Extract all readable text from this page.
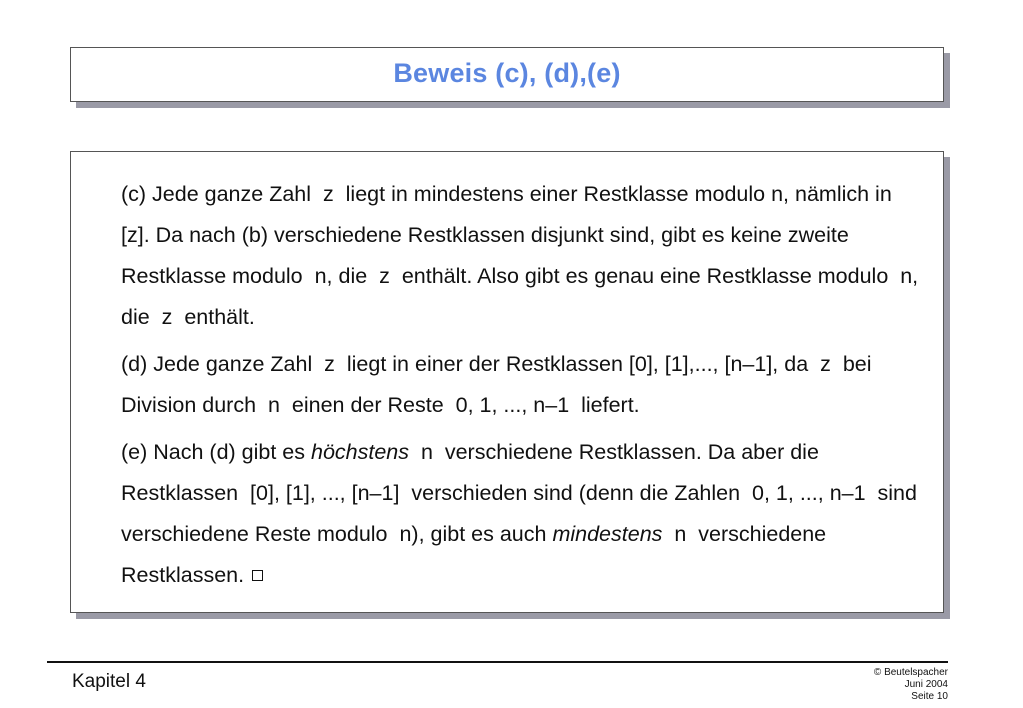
Beweis (c), (d),(e)

(c) Jede ganze Zahl  z  liegt in mindestens einer Restklasse modulo n, nämlich in  [z]. Da nach (b) verschiedene Restklassen disjunkt sind, gibt es keine zweite Restklasse modulo  n, die  z  enthält. Also gibt es genau eine Restklasse modulo  n, die  z  enthält.

(d) Jede ganze Zahl  z  liegt in einer der Restklassen [0], [1],..., [n–1], da  z  bei Division durch  n  einen der Reste  0, 1, ..., n–1  liefert.

(e) Nach (d) gibt es höchstens  n  verschiedene Restklassen. Da aber die Restklassen  [0], [1], ..., [n–1]  verschieden sind (denn die Zahlen  0, 1, ..., n–1  sind verschiedene Reste modulo  n), gibt es auch mindestens  n  verschiedene Restklassen.

Kapitel 4	© Beutelspacher
Juni 2004
Seite 10
